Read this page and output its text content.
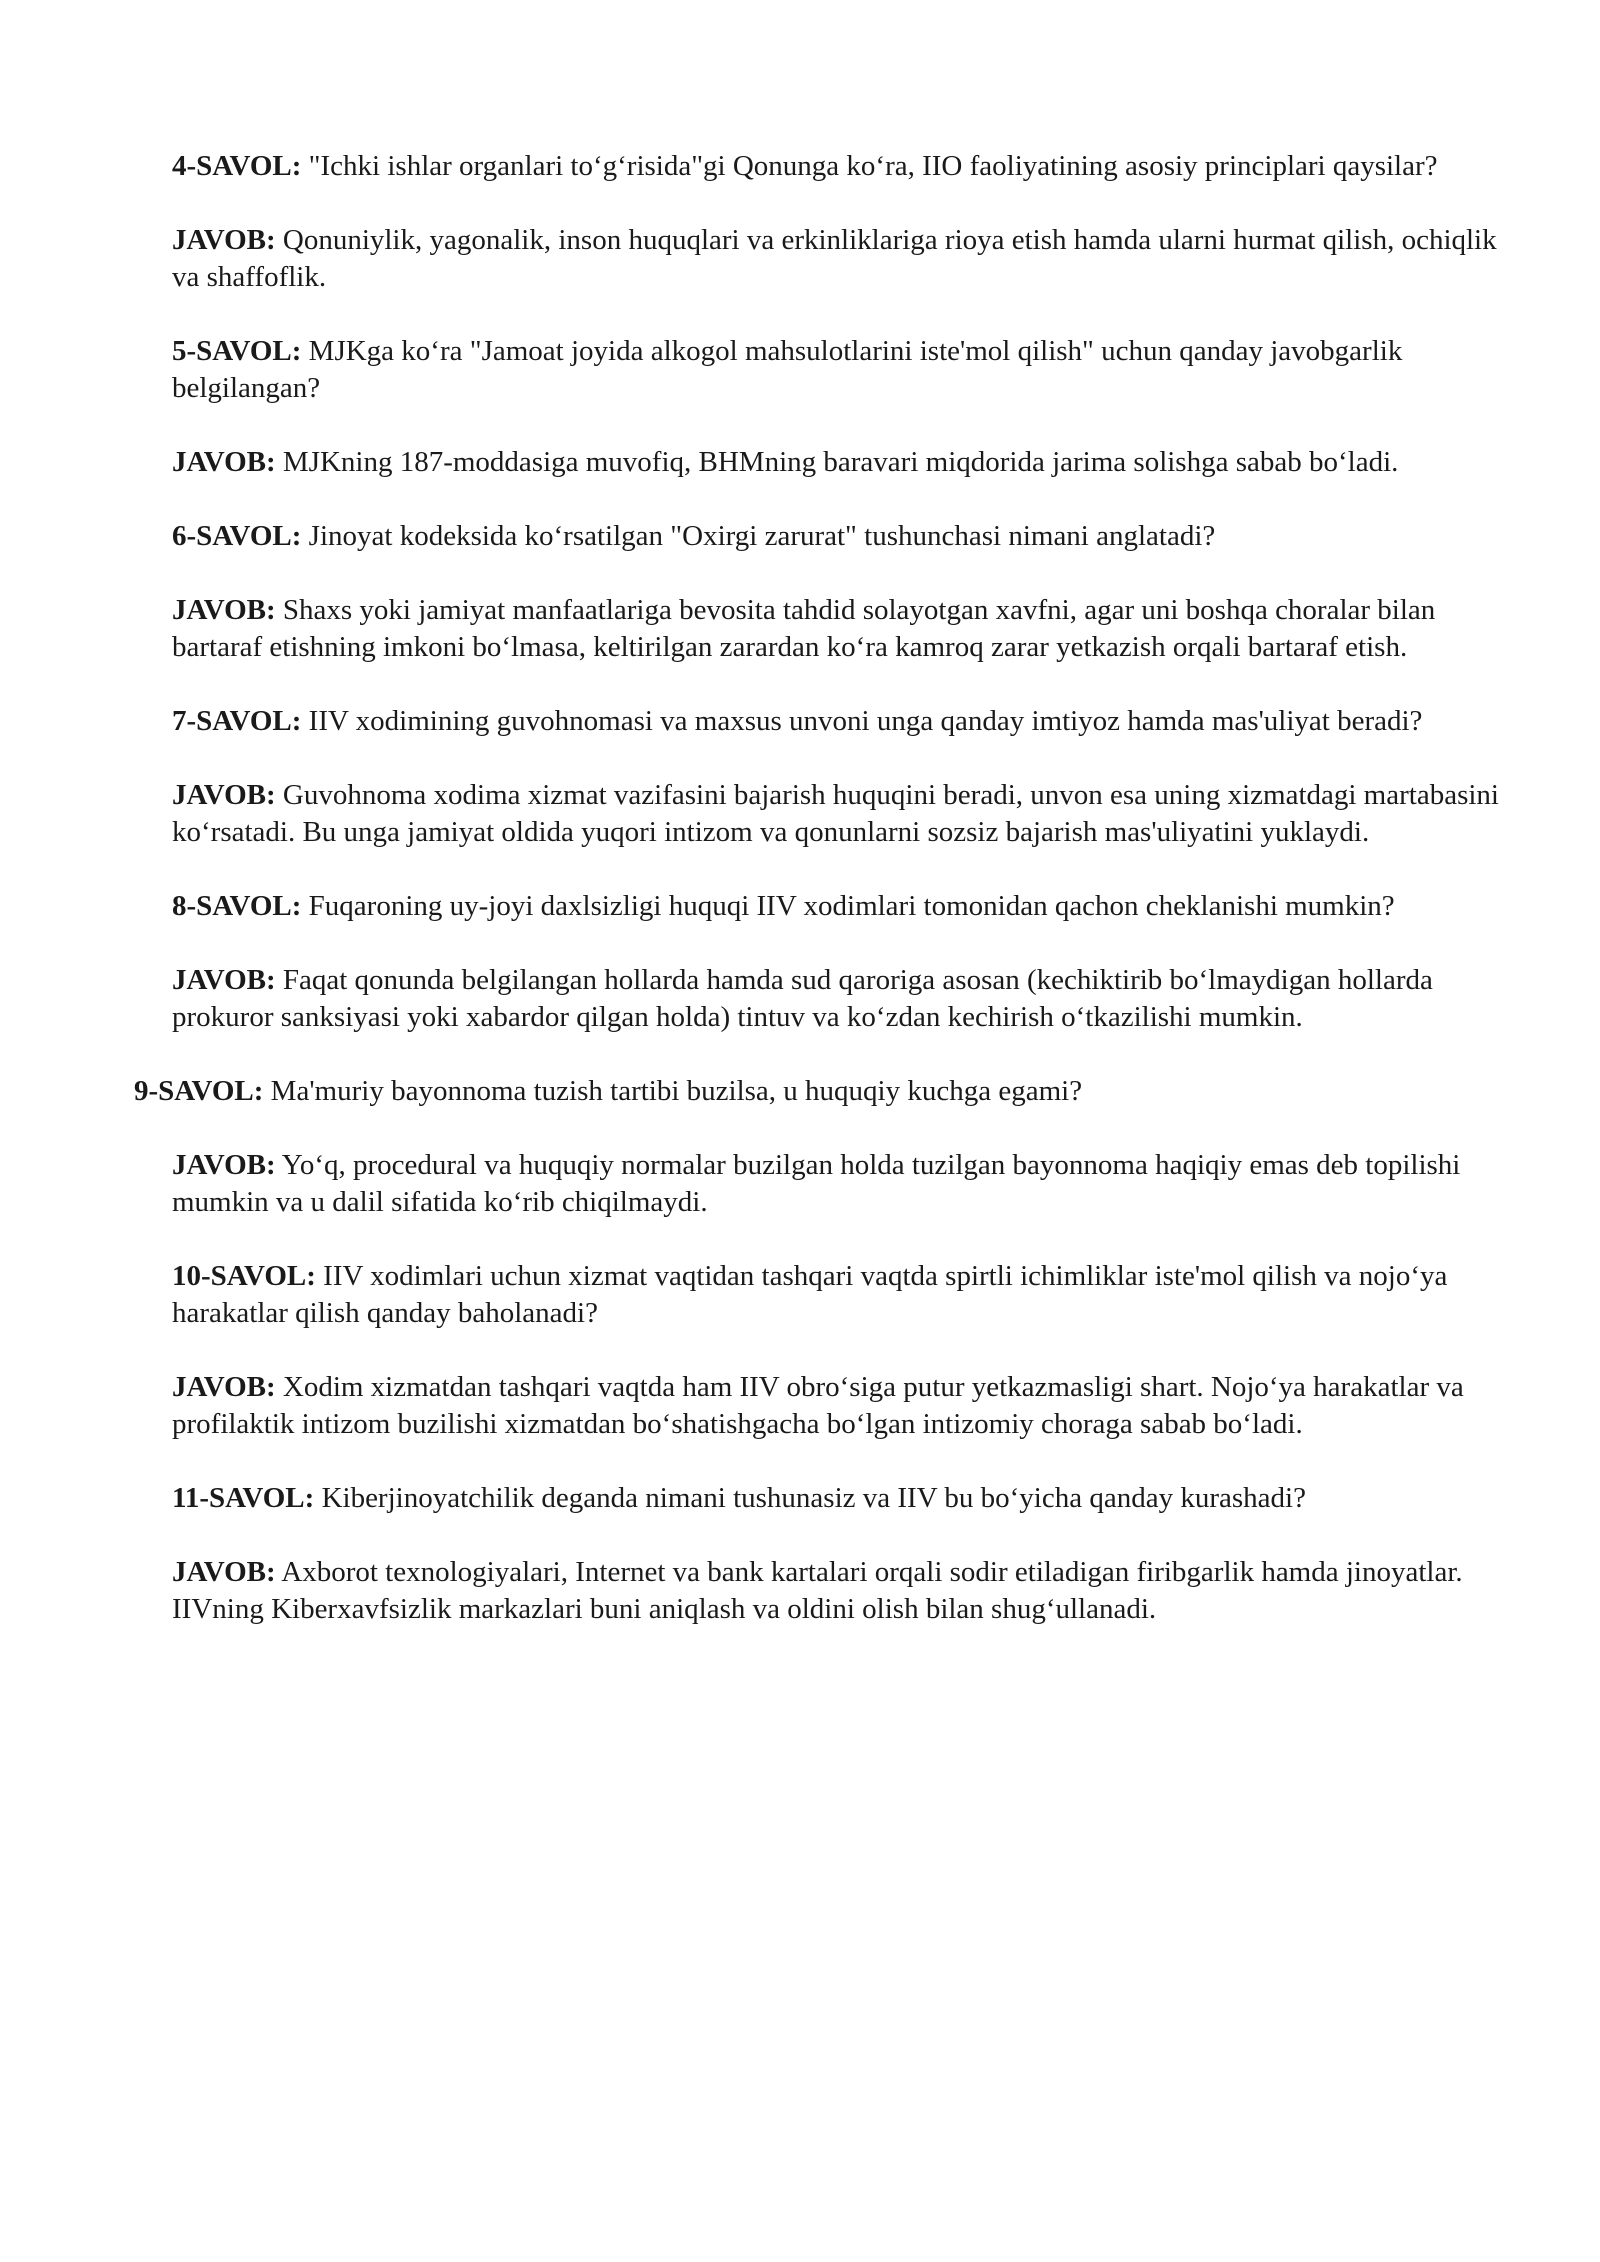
4-SAVOL: "Ichki ishlar organlari to‘g‘risida"gi Qonunga ko‘ra, IIO faoliyatining asosiy principlari qaysilar?

JAVOB: Qonuniylik, yagonalik, inson huquqlari va erkinliklariga rioya etish hamda ularni hurmat qilish, ochiqlik va shaffoflik.

5-SAVOL: MJKga ko‘ra "Jamoat joyida alkogol mahsulotlarini iste'mol qilish" uchun qanday javobgarlik belgilangan?

JAVOB: MJKning 187-moddasiga muvofiq, BHMning baravari miqdorida jarima solishga sabab bo‘ladi.

6-SAVOL: Jinoyat kodeksida ko‘rsatilgan "Oxirgi zarurat" tushunchasi nimani anglatadi?

JAVOB: Shaxs yoki jamiyat manfaatlariga bevosita tahdid solayotgan xavfni, agar uni boshqa choralar bilan bartaraf etishning imkoni bo‘lmasa, keltirilgan zarardan ko‘ra kamroq zarar yetkazish orqali bartaraf etish.

7-SAVOL: IIV xodimining guvohnomasi va maxsus unvoni unga qanday imtiyoz hamda mas'uliyat beradi?

JAVOB: Guvohnoma xodima xizmat vazifasini bajarish huquqini beradi, unvon esa uning xizmatdagi martabasini ko‘rsatadi. Bu unga jamiyat oldida yuqori intizom va qonunlarni sozsiz bajarish mas'uliyatini yuklaydi.

8-SAVOL: Fuqaroning uy-joyi daxlsizligi huquqi IIV xodimlari tomonidan qachon cheklanishi mumkin?

JAVOB: Faqat qonunda belgilangan hollarda hamda sud qaroriga asosan (kechiktirib bo‘lmaydigan hollarda prokuror sanksiyasi yoki xabardor qilgan holda) tintuv va ko‘zdan kechirish o‘tkazilishi mumkin.

9-SAVOL: Ma'muriy bayonnoma tuzish tartibi buzilsa, u huquqiy kuchga egami?

JAVOB: Yo‘q, procedural va huquqiy normalar buzilgan holda tuzilgan bayonnoma haqiqiy emas deb topilishi mumkin va u dalil sifatida ko‘rib chiqilmaydi.

10-SAVOL: IIV xodimlari uchun xizmat vaqtidan tashqari vaqtda spirtli ichimliklar iste'mol qilish va nojo‘ya harakatlar qilish qanday baholanadi?

JAVOB: Xodim xizmatdan tashqari vaqtda ham IIV obro‘siga putur yetkazmasligi shart. Nojo‘ya harakatlar va profilaktik intizom buzilishi xizmatdan bo‘shatishgacha bo‘lgan intizomiy choraga sabab bo‘ladi.

11-SAVOL: Kiberjinoyatchilik deganda nimani tushunasiz va IIV bu bo‘yicha qanday kurashadi?

JAVOB: Axborot texnologiyalari, Internet va bank kartalari orqali sodir etiladigan firibgarlik hamda jinoyatlar. IIVning Kiberxavfsizlik markazlari buni aniqlash va oldini olish bilan shug‘ullanadi.
